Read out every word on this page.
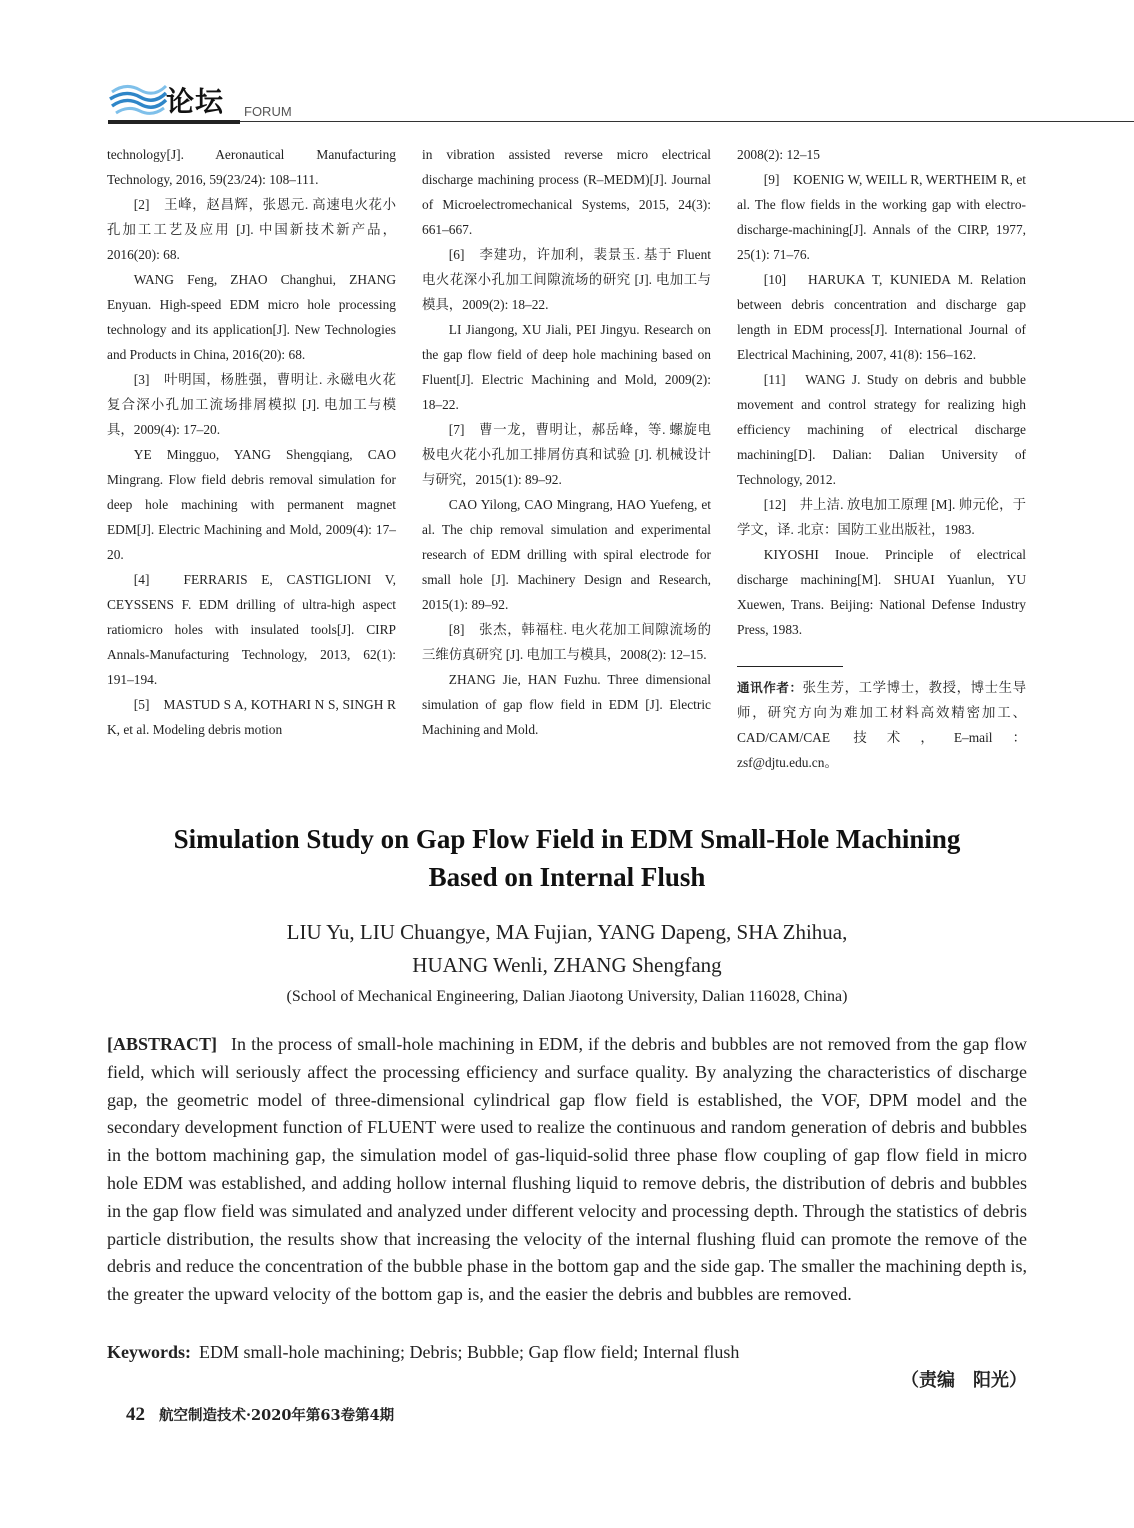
论坛 FORUM

technology[J]. Aeronautical Manufacturing Technology, 2016, 59(23/24): 108–111.

[2]　王峰，赵昌辉，张恩元. 高速电火花小孔加工工艺及应用 [J]. 中国新技术新产品，2016(20): 68.

WANG Feng, ZHAO Changhui, ZHANG Enyuan. High-speed EDM micro hole processing technology and its application[J]. New Technologies and Products in China, 2016(20): 68.

[3]　叶明国，杨胜强，曹明让. 永磁电火花复合深小孔加工流场排屑模拟 [J]. 电加工与模具，2009(4): 17–20.

YE Mingguo, YANG Shengqiang, CAO Mingrang. Flow field debris removal simulation for deep hole machining with permanent magnet EDM[J]. Electric Machining and Mold, 2009(4): 17–20.

[4]　FERRARIS E, CASTIGLIONI V, CEYSSENS F. EDM drilling of ultra-high aspect ratiomicro holes with insulated tools[J]. CIRP Annals-Manufacturing Technology, 2013, 62(1): 191–194.

[5]　MASTUD S A, KOTHARI N S, SINGH R K, et al. Modeling debris motion

in vibration assisted reverse micro electrical discharge machining process (R–MEDM)[J]. Journal of Microelectromechanical Systems, 2015, 24(3): 661–667.

[6]　李建功，许加利，裴景玉. 基于 Fluent 电火花深小孔加工间隙流场的研究 [J]. 电加工与模具，2009(2): 18–22.

LI Jiangong, XU Jiali, PEI Jingyu. Research on the gap flow field of deep hole machining based on Fluent[J]. Electric Machining and Mold, 2009(2): 18–22.

[7]　曹一龙，曹明让，郝岳峰，等. 螺旋电极电火花小孔加工排屑仿真和试验 [J]. 机械设计与研究，2015(1): 89–92.

CAO Yilong, CAO Mingrang, HAO Yuefeng, et al. The chip removal simulation and experimental research of EDM drilling with spiral electrode for small hole [J]. Machinery Design and Research, 2015(1): 89–92.

[8]　张杰，韩福柱. 电火花加工间隙流场的三维仿真研究 [J]. 电加工与模具，2008(2): 12–15.

ZHANG Jie, HAN Fuzhu. Three dimensional simulation of gap flow field in EDM [J]. Electric Machining and Mold.

2008(2): 12–15

[9]　KOENIG W, WEILL R, WERTHEIM R, et al. The flow fields in the working gap with electro-discharge-machining[J]. Annals of the CIRP, 1977, 25(1): 71–76.

[10]　HARUKA T, KUNIEDA M. Relation between debris concentration and discharge gap length in EDM process[J]. International Journal of Electrical Machining, 2007, 41(8): 156–162.

[11]　WANG J. Study on debris and bubble movement and control strategy for realizing high efficiency machining of electrical discharge machining[D]. Dalian: Dalian University of Technology, 2012.

[12]　井上洁. 放电加工原理 [M]. 帅元伦，于学文，译. 北京：国防工业出版社，1983.

KIYOSHI Inoue. Principle of electrical discharge machining[M]. SHUAI Yuanlun, YU Xuewen, Trans. Beijing: National Defense Industry Press, 1983.

通讯作者：张生芳，工学博士，教授，博士生导师，研究方向为难加工材料高效精密加工、CAD/CAM/CAE 技术，E–mail：zsf@djtu.edu.cn。
Simulation Study on Gap Flow Field in EDM Small-Hole Machining
Based on Internal Flush
LIU Yu, LIU Chuangye, MA Fujian, YANG Dapeng, SHA Zhihua,
HUANG Wenli, ZHANG Shengfang
(School of Mechanical Engineering, Dalian Jiaotong University, Dalian 116028, China)
[ABSTRACT] In the process of small-hole machining in EDM, if the debris and bubbles are not removed from the gap flow field, which will seriously affect the processing efficiency and surface quality. By analyzing the characteristics of discharge gap, the geometric model of three-dimensional cylindrical gap flow field is established, the VOF, DPM model and the secondary development function of FLUENT were used to realize the continuous and random generation of debris and bubbles in the bottom machining gap, the simulation model of gas-liquid-solid three phase flow coupling of gap flow field in micro hole EDM was established, and adding hollow internal flushing liquid to remove debris, the distribution of debris and bubbles in the gap flow field was simulated and analyzed under different velocity and processing depth. Through the statistics of debris particle distribution, the results show that increasing the velocity of the internal flushing fluid can promote the remove of the debris and reduce the concentration of the bubble phase in the bottom gap and the side gap. The smaller the machining depth is, the greater the upward velocity of the bottom gap is, and the easier the debris and bubbles are removed.
Keywords: EDM small-hole machining; Debris; Bubble; Gap flow field; Internal flush
（责编　阳光）
42 航空制造技术·2020年第63卷第4期
